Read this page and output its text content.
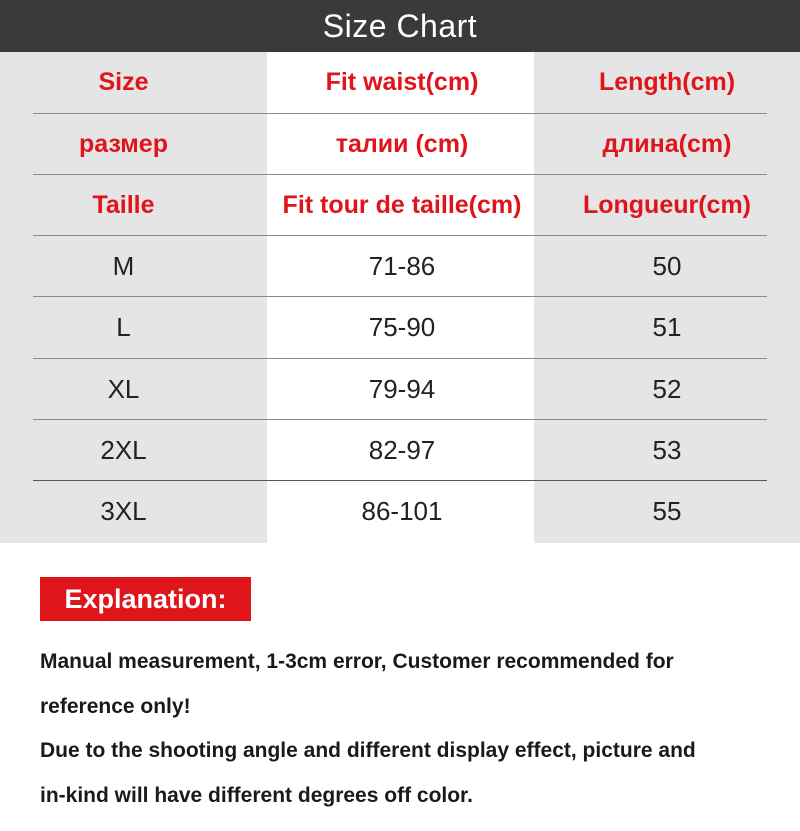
Size Chart
Size	Fit waist(cm)	Length(cm)
размер	талии (cm)	длина(cm)
Taille	Fit tour de taille(cm)	Longueur(cm)
M	71-86	50
L	75-90	51
XL	79-94	52
2XL	82-97	53
3XL	86-101	55
Explanation:
Manual measurement, 1-3cm error, Customer recommended for
reference only!
Due to the shooting angle and different display effect, picture and
in-kind will have different degrees off color.
